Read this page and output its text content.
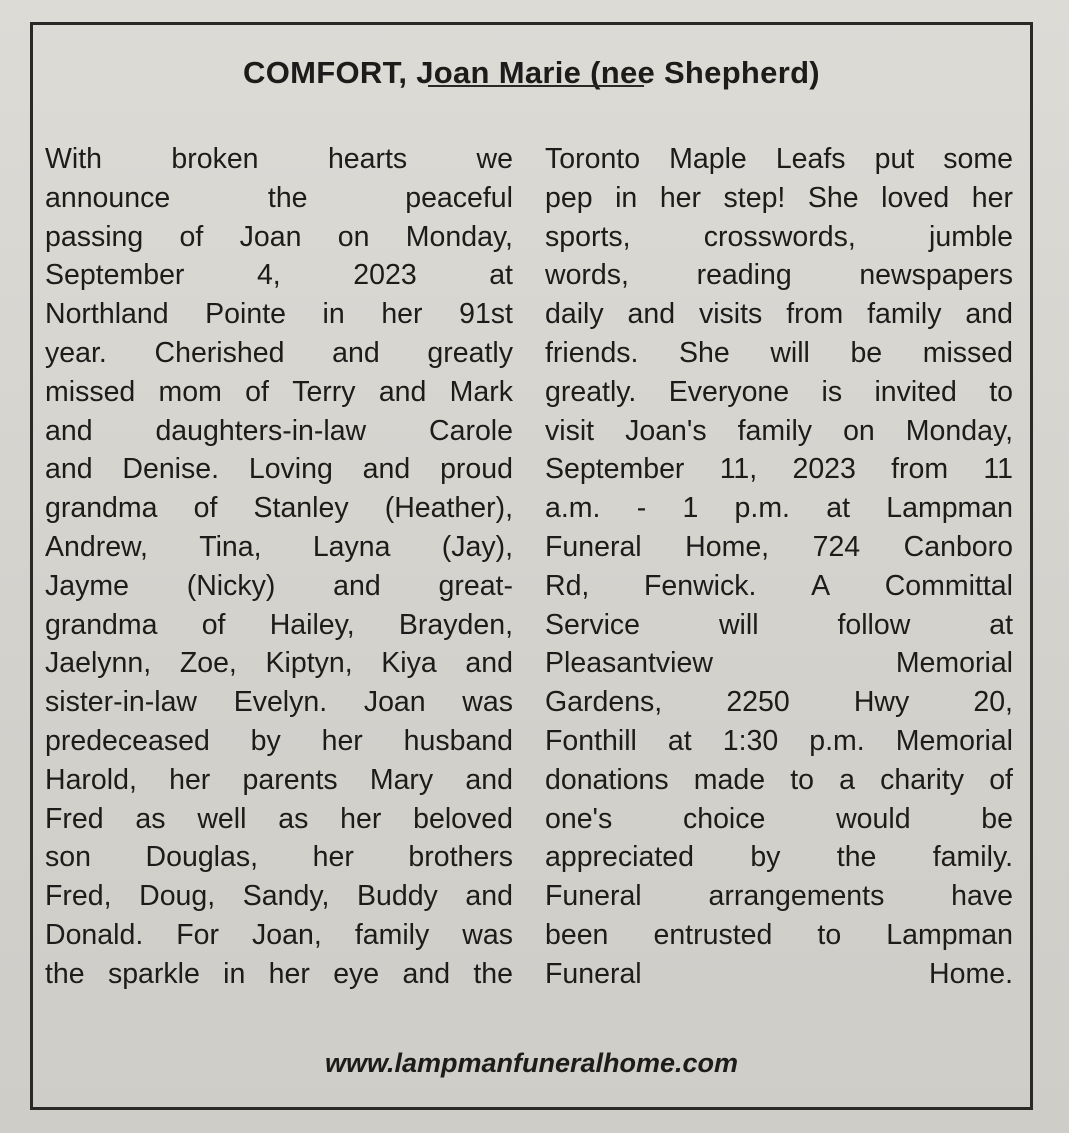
COMFORT, Joan Marie (nee Shepherd)
With broken hearts we
announce	the	peaceful
passing of Joan on Monday,
September	4,	2023	at
Northland Pointe in her 91st
year. Cherished and greatly
missed mom of Terry and Mark
and daughters-in-law Carole
and Denise. Loving and proud
grandma of Stanley (Heather),
Andrew, Tina, Layna (Jay),
Jayme (Nicky) and great-
grandma of Hailey, Brayden,
Jaelynn, Zoe, Kiptyn, Kiya and
sister-in-law Evelyn. Joan was
predeceased by her husband
Harold, her parents Mary and
Fred as well as her beloved
son Douglas, her brothers
Fred, Doug, Sandy, Buddy and
Donald. For Joan, family was
the sparkle in her eye and the
Toronto Maple Leafs put some
pep in her step! She loved her
sports,	crosswords,	jumble
words, reading newspapers
daily and visits from family and
friends. She will be missed
greatly. Everyone is invited to
visit Joan's family on Monday,
September 11, 2023 from 11
a.m. - 1 p.m. at Lampman
Funeral Home, 724 Canboro
Rd, Fenwick. A Committal
Service	will	follow	at
Pleasantview	Memorial
Gardens, 2250 Hwy 20,
Fonthill at 1:30 p.m. Memorial
donations made to a charity of
one's choice would be
appreciated by the family.
Funeral arrangements have
been entrusted to Lampman
Funeral Home.
www.lampmanfuneralhome.com
